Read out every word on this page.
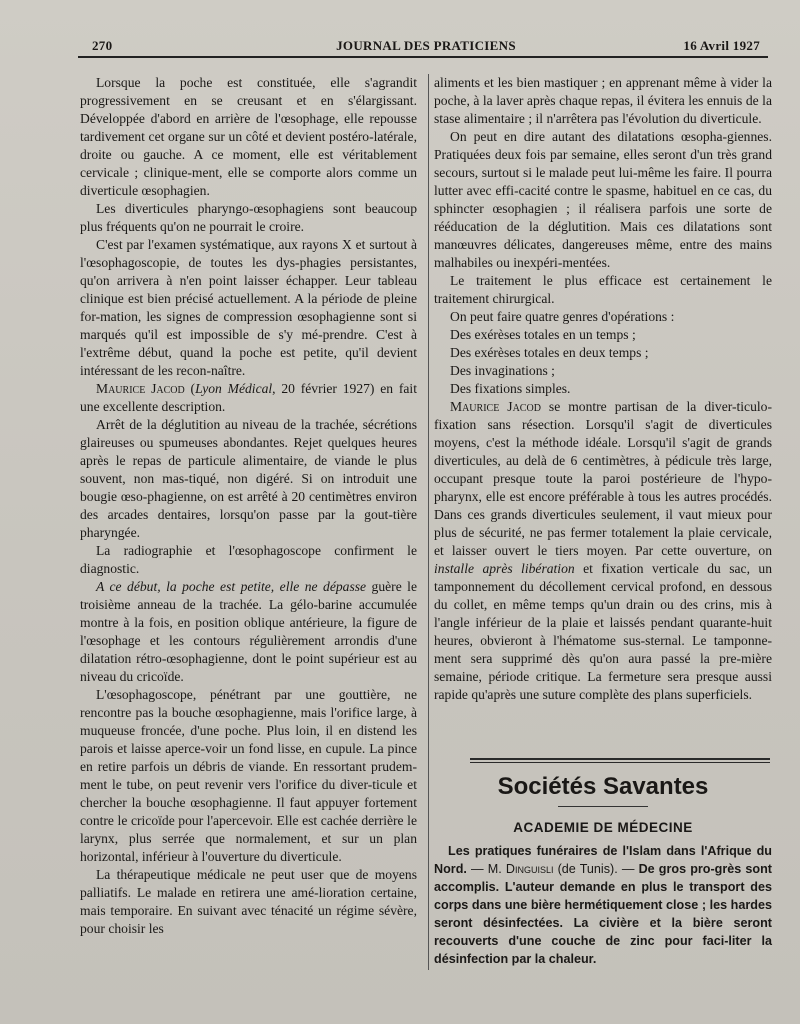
270	JOURNAL DES PRATICIENS	16 Avril 1927

Lorsque la poche est constituée, elle s'agrandit progressivement en se creusant et en s'élargissant. Développée d'abord en arrière de l'œsophage, elle repousse tardivement cet organe sur un côté et devient postéro-latérale, droite ou gauche. A ce moment, elle est véritablement cervicale ; clinique-ment, elle se comporte alors comme un diverticule œsophagien.

Les diverticules pharyngo-œsophagiens sont beaucoup plus fréquents qu'on ne pourrait le croire.

C'est par l'examen systématique, aux rayons X et surtout à l'œsophagoscopie, de toutes les dys-phagies persistantes, qu'on arrivera à n'en point laisser échapper. Leur tableau clinique est bien précisé actuellement. A la période de pleine for-mation, les signes de compression œsophagienne sont si marqués qu'il est impossible de s'y mé-prendre. C'est à l'extrême début, quand la poche est petite, qu'il devient intéressant de les recon-naître.

Maurice Jacod (Lyon Médical, 20 février 1927) en fait une excellente description.

Arrêt de la déglutition au niveau de la trachée, sécrétions glaireuses ou spumeuses abondantes. Rejet quelques heures après le repas de particule alimentaire, de viande le plus souvent, non mas-tiqué, non digéré. Si on introduit une bougie œso-phagienne, on est arrêté à 20 centimètres environ des arcades dentaires, lorsqu'on passe par la gout-tière pharyngée.

La radiographie et l'œsophagoscope confirment le diagnostic.

A ce début, la poche est petite, elle ne dépasse guère le troisième anneau de la trachée. La gélo-barine accumulée montre à la fois, en position oblique antérieure, la figure de l'œsophage et les contours régulièrement arrondis d'une dilatation rétro-œsophagienne, dont le point supérieur est au niveau du cricoïde.

L'œsophagoscope, pénétrant par une gouttière, ne rencontre pas la bouche œsophagienne, mais l'orifice large, à muqueuse froncée, d'une poche. Plus loin, il en distend les parois et laisse aperce-voir un fond lisse, en cupule. La pince en retire parfois un débris de viande. En ressortant prudem-ment le tube, on peut revenir vers l'orifice du diver-ticule et chercher la bouche œsophagienne. Il faut appuyer fortement contre le cricoïde pour l'apercevoir. Elle est cachée derrière le larynx, plus serrée que normalement, et sur un plan horizontal, inférieur à l'ouverture du diverticule.

La thérapeutique médicale ne peut user que de moyens palliatifs. Le malade en retirera une amé-lioration certaine, mais temporaire. En suivant avec ténacité un régime sévère, pour choisir les

aliments et les bien mastiquer ; en apprenant même à vider la poche, à la laver après chaque repas, il évitera les ennuis de la stase alimentaire ; il n'arrêtera pas l'évolution du diverticule.

On peut en dire autant des dilatations œsopha-giennes. Pratiquées deux fois par semaine, elles seront d'un très grand secours, surtout si le malade peut lui-même les faire. Il pourra lutter avec effi-cacité contre le spasme, habituel en ce cas, du sphincter œsophagien ; il réalisera parfois une sorte de rééducation de la déglutition. Mais ces dilatations sont manœuvres délicates, dangereuses même, entre des mains malhabiles ou inexpéri-mentées.

Le traitement le plus efficace est certainement le traitement chirurgical.

On peut faire quatre genres d'opérations :

Des exérèses totales en un temps ;

Des exérèses totales en deux temps ;

Des invaginations ;

Des fixations simples.

Maurice Jacod se montre partisan de la diver-ticulo-fixation sans résection. Lorsqu'il s'agit de diverticules moyens, c'est la méthode idéale. Lorsqu'il s'agit de grands diverticules, au delà de 6 centimètres, à pédicule très large, occupant presque toute la paroi postérieure de l'hypo-pharynx, elle est encore préférable à tous les autres procédés. Dans ces grands diverticules seulement, il vaut mieux pour plus de sécurité, ne pas fermer totalement la plaie cervicale, et laisser ouvert le tiers moyen. Par cette ouverture, on installe après libération et fixation verticale du sac, un tamponnement du décollement cervical profond, en dessous du collet, en même temps qu'un drain ou des crins, mis à l'angle inférieur de la plaie et laissés pendant quarante-huit heures, obvieront à l'hématome sus-sternal. Le tamponne-ment sera supprimé dès qu'on aura passé la pre-mière semaine, période critique. La fermeture sera presque aussi rapide qu'après une suture complète des plans superficiels.

Sociétés Savantes
ACADEMIE DE MÉDECINE

Les pratiques funéraires de l'Islam dans l'Afrique du Nord. — M. Dinguisli (de Tunis). — De gros pro-grès sont accomplis. L'auteur demande en plus le transport des corps dans une bière hermétiquement close ; les hardes seront désinfectées. La civière et la bière seront recouverts d'une couche de zinc pour faci-liter la désinfection par la chaleur.
